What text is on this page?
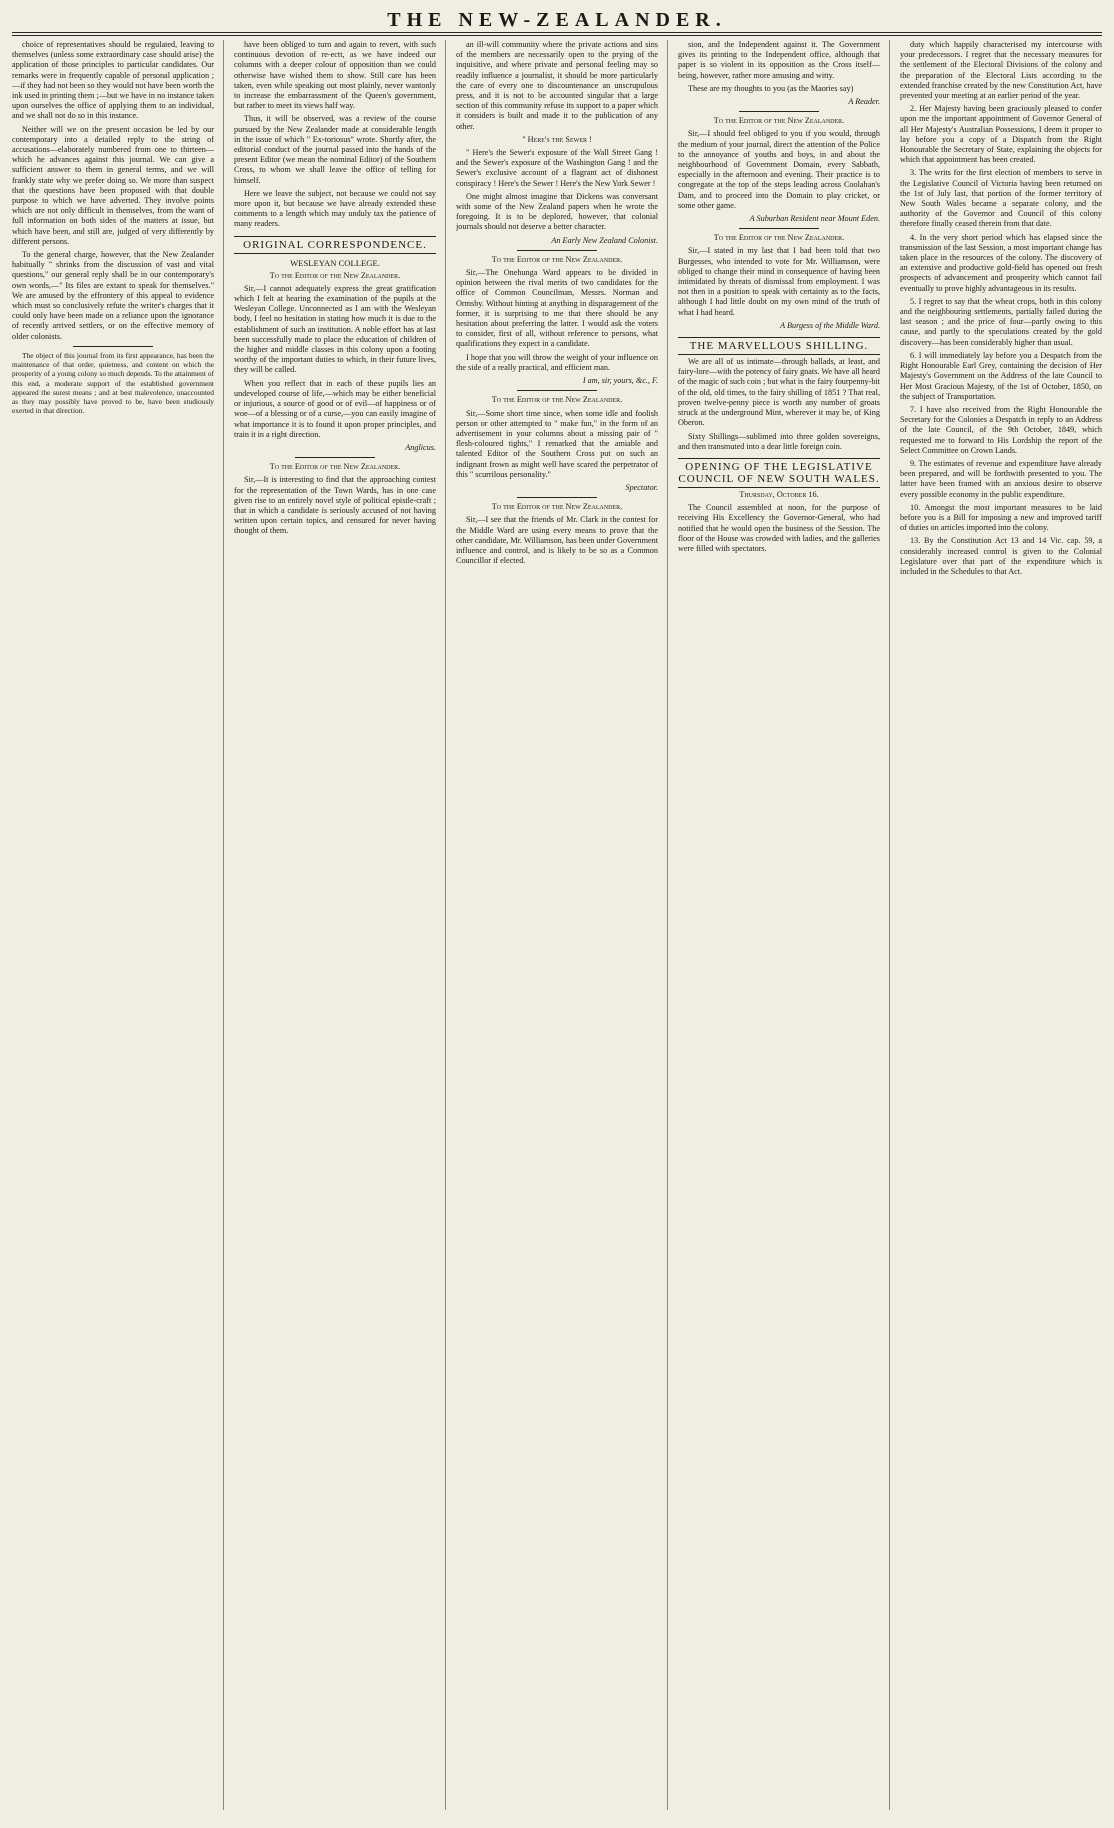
THE NEW-ZEALANDER.

choice of representatives should be regulated, leaving to themselves (unless some extraordinary case should arise) the application of those principles to particular candidates. Our remarks were in frequently capable of personal application ;—if they had not been so they would not have been worth the ink used in printing them ;—but we have in no instance taken upon ourselves the office of applying them to an individual, and we shall not do so in this instance.

Neither will we on the present occasion be led by our contemporary into a detailed reply to the string of accusations—elaborately numbered from one to thirteen—which he advances against this journal. We can give a sufficient answer to them in general terms, and we will frankly state why we prefer doing so. We more than suspect that the questions have been proposed with that double purpose to which we have adverted. They involve points which are not only difficult in themselves, from the want of full information on both sides of the matters at issue, but which have been, and still are, judged of very differently by different persons.

To the general charge, however, that the New Zealander habitually " shrinks from the discussion of vast and vital questions," our general reply shall be in our contemporary's own words,—" Its files are extant to speak for themselves." We are amused by the effrontery of this appeal to evidence which must so conclusively refute the writer's charges that it could only have been made on a reliance upon the ignorance of recently arrived settlers, or on the effective memory of older colonists.

The object of this journal from its first appearance, has been the maintenance of that order, quietness, and content on which the prosperity of a young colony so much depends. To the attainment of this end, a moderate support of the established government appeared the surest means ; and at best malevolence, unaccounted as they may possibly have proved to be, have been studiously exerted in that direction.

have been obliged to turn and again to revert, with such continuous devotion of re-ectt, as we have indeed our columns with a deeper colour of opposition than we could otherwise have wished them to show. Still care has been taken, even while speaking out most plainly, never wantonly to increase the embarrassment of the Queen's government, but rather to meet its views half way.

Thus, it will be observed, was a review of the course pursued by the New Zealander made at considerable length in the issue of which " Ex-toriosus" wrote. Shortly after, the editorial conduct of the journal passed into the hands of the present Editor (we mean the nominal Editor) of the Southern Cross, to whom we shall leave the office of telling for himself.

Here we leave the subject, not because we could not say more upon it, but because we have already extended these comments to a length which may unduly tax the patience of many readers.

ORIGINAL CORRESPONDENCE.
WESLEYAN COLLEGE.

To the Editor of the New Zealander.

Sir,—I cannot adequately express the great gratification which I felt at hearing the examination of the pupils at the Wesleyan College. Unconnected as I am with the Wesleyan body, I feel no hesitation in stating how much it is due to the establishment of such an institution. A noble effort has at last been successfully made to place the education of children of the higher and middle classes in this colony upon a footing worthy of the important duties to which, in their future lives, they will be called.

When you reflect that in each of these pupils lies an undeveloped course of life,—which may be either beneficial or injurious, a source of good or of evil—of happiness or of woe—of a blessing or of a curse,—you can easily imagine of what importance it is to found it upon proper principles, and train it in a right direction.

Anglicus.

To the Editor of the New Zealander.

Sir,—It is interesting to find that the approaching contest for the representation of the Town Wards, has in one case given rise to an entirely novel style of political epistle-craft ; that in which a candidate is seriously accused of not having written upon certain topics, and censured for never having thought of them.

an ill-will community where the private actions and sins of the members are necessarily open to the prying of the inquisitive, and where private and personal feeling may so readily influence a journalist, it should be more particularly the care of every one to discountenance an unscrupulous press, and it is not to be accounted singular that a large section of this community refuse its support to a paper which it considers is built and made it to the publication of any other.

" Here's the Sewer !

" Here's the Sewer's exposure of the Wall Street Gang ! and the Sewer's exposure of the Washington Gang ! and the Sewer's exclusive account of a flagrant act of dishonest conspiracy ! Here's the Sewer ! Here's the New York Sewer !

One might almost imagine that Dickens was conversant with some of the New Zealand papers when he wrote the foregoing. It is to be deplored, however, that colonial journals should not deserve a better character.

An Early New Zealand Colonist.

To the Editor of the New Zealander.

Sir,—The Onehunga Ward appears to be divided in opinion between the rival merits of two candidates for the office of Common Councilman, Messrs. Norman and Ormsby. Without hinting at anything in disparagement of the former, it is surprising to me that there should be any hesitation about preferring the latter. I would ask the voters to consider, first of all, without reference to persons, what qualifications they expect in a candidate.

I hope that you will throw the weight of your influence on the side of a really practical, and efficient man.

I am, sir, yours, &c., F.

To the Editor of the New Zealander.

Sir,—Some short time since, when some idle and foolish person or other attempted to " make fun," in the form of an advertisement in your columns about a missing pair of " flesh-coloured tights," I remarked that the amiable and talented Editor of the Southern Cross put on such an indignant frown as might well have scared the perpetrator of this " scurrilous personality."

Spectator.

To the Editor of the New Zealander.

Sir,—I see that the friends of Mr. Clark in the contest for the Middle Ward are using every means to prove that the other candidate, Mr. Williamson, has been under Government influence and control, and is likely to be so as a Common Councillor if elected.

sion, and the Independent against it. The Government gives its printing to the Independent office, although that paper is so violent in its opposition as the Cross itself—being, however, rather more amusing and witty.

These are my thoughts to you (as the Maories say)

A Reader.

To the Editor of the New Zealander.

Sir,—I should feel obliged to you if you would, through the medium of your journal, direct the attention of the Police to the annoyance of youths and boys, in and about the neighbourhood of Government Domain, every Sabbath, especially in the afternoon and evening. Their practice is to congregate at the top of the steps leading across Coolahan's Dam, and to proceed into the Domain to play cricket, or some other game.

A Suburban Resident near Mount Eden.

To the Editor of the New Zealander.

Sir,—I stated in my last that I had been told that two Burgesses, who intended to vote for Mr. Williamson, were obliged to change their mind in consequence of having been intimidated by threats of dismissal from employment. I was not then in a position to speak with certainty as to the facts, although I had little doubt on my own mind of the truth of what I had heard.

A Burgess of the Middle Ward.

THE MARVELLOUS SHILLING.

We are all of us intimate—through ballads, at least, and fairy-lore—with the potency of fairy gnats. We have all heard of the magic of such coin ; but what is the fairy fourpenny-bit of the old, old times, to the fairy shilling of 1851 ? That real, proven twelve-penny piece is worth any number of groats struck at the underground Mint, wherever it may be, of King Oberon.

Sixty Shillings—sublimed into three golden sovereigns, and then transmuted into a dear little foreign coin.

OPENING OF THE LEGISLATIVE COUNCIL OF NEW SOUTH WALES.

Thursday, October 16.

The Council assembled at noon, for the purpose of receiving His Excellency the Governor-General, who had notified that he would open the business of the Session. The floor of the House was crowded with ladies, and the galleries were filled with spectators.

duty which happily characterised my intercourse with your predecessors. I regret that the necessary measures for the settlement of the Electoral Divisions of the colony and the preparation of the Electoral Lists according to the extended franchise created by the new Constitution Act, have prevented your meeting at an earlier period of the year.

2. Her Majesty having been graciously pleased to confer upon me the important appointment of Governor General of all Her Majesty's Australian Possessions, I deem it proper to lay before you a copy of a Dispatch from the Right Honourable the Secretary of State, explaining the objects for which that appointment has been created.

3. The writs for the first election of members to serve in the Legislative Council of Victoria having been returned on the 1st of July last, that portion of the former territory of New South Wales became a separate colony, and the authority of the Governor and Council of this colony therefore finally ceased therein from that date.

4. In the very short period which has elapsed since the transmission of the last Session, a most important change has taken place in the resources of the colony. The discovery of an extensive and productive gold-field has opened out fresh prospects of advancement and prosperity which cannot fail eventually to prove highly advantageous in its results.

5. I regret to say that the wheat crops, both in this colony and the neighbouring settlements, partially failed during the last season ; and the price of four—partly owing to this cause, and partly to the speculations created by the gold discovery—has been considerably higher than usual.

6. I will immediately lay before you a Despatch from the Right Honourable Earl Grey, containing the decision of Her Majesty's Government on the Address of the late Council to Her Most Gracious Majesty, of the 1st of October, 1850, on the subject of Transportation.

7. I have also received from the Right Honourable the Secretary for the Colonies a Despatch in reply to an Address of the late Council, of the 9th October, 1849, which requested me to forward to His Lordship the report of the Select Committee on Crown Lands.

9. The estimates of revenue and expenditure have already been prepared, and will be forthwith presented to you. The latter have been framed with an anxious desire to observe every possible economy in the public expenditure.

10. Amongst the most important measures to be laid before you is a Bill for imposing a new and improved tariff of duties on articles imported into the colony.

13. By the Constitution Act 13 and 14 Vic. cap. 59, a considerably increased control is given to the Colonial Legislature over that part of the expenditure which is included in the Schedules to that Act.
